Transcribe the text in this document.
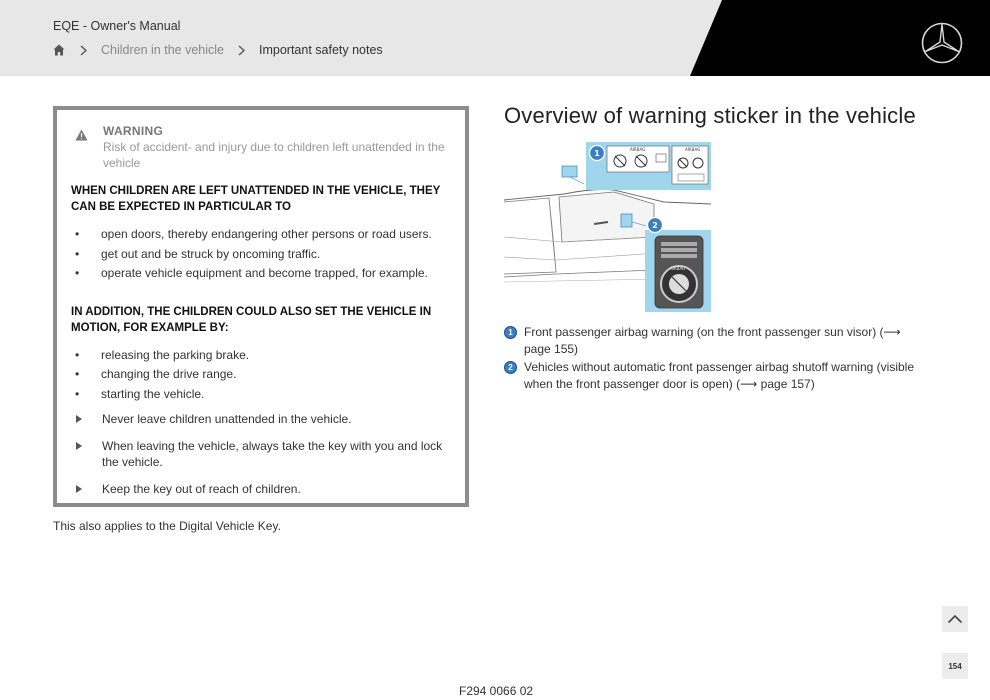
EQE - Owner's Manual
Children in the vehicle	Important safety notes
WARNING
Risk of accident- and injury due to children left unattended in the vehicle
WHEN CHILDREN ARE LEFT UNATTENDED IN THE VEHICLE, THEY CAN BE EXPECTED IN PARTICULAR TO
• open doors, thereby endangering other persons or road users.
• get out and be struck by oncoming traffic.
• operate vehicle equipment and become trapped, for example.
IN ADDITION, THE CHILDREN COULD ALSO SET THE VEHICLE IN MOTION, FOR EXAMPLE BY:
• releasing the parking brake.
• changing the drive range.
• starting the vehicle.
Never leave children unattended in the vehicle.
When leaving the vehicle, always take the key with you and lock the vehicle.
Keep the key out of reach of children.
This also applies to the Digital Vehicle Key.
Overview of warning sticker in the vehicle
AIRBAG	AIRBAG
1
AIRBAG
2
1 Front passenger airbag warning (on the front passenger sun visor) (⟶ page 155)
2 Vehicles without automatic front passenger airbag shutoff warning (visible when the front passenger door is open) (⟶ page 157)
154
F294 0066 02
